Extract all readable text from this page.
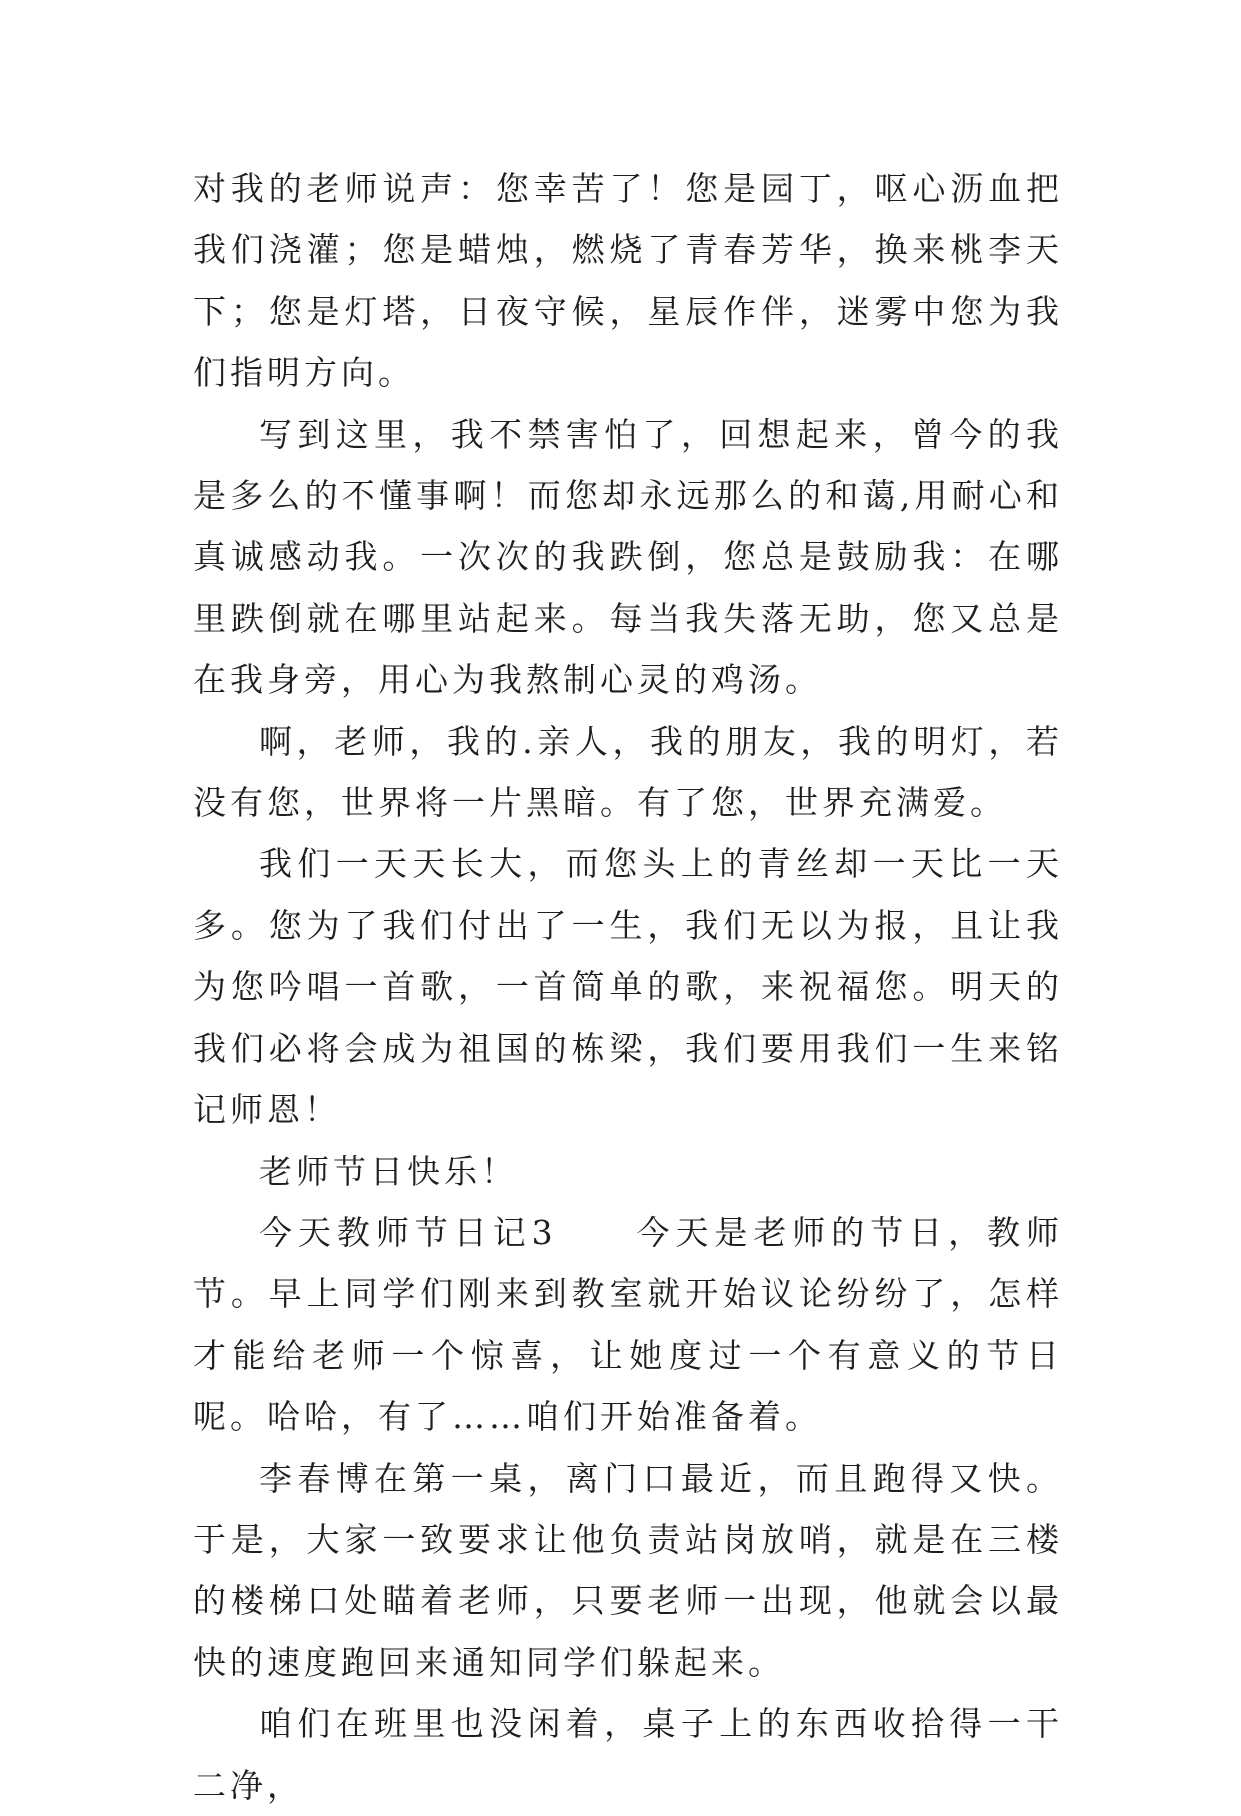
对我的老师说声：您幸苦了！您是园丁，呕心沥血把我们浇灌；您是蜡烛，燃烧了青春芳华，换来桃李天下；您是灯塔，日夜守候，星辰作伴，迷雾中您为我们指明方向。

写到这里，我不禁害怕了，回想起来，曾今的我是多么的不懂事啊！而您却永远那么的和蔼,用耐心和真诚感动我。一次次的我跌倒，您总是鼓励我：在哪里跌倒就在哪里站起来。每当我失落无助，您又总是在我身旁，用心为我熬制心灵的鸡汤。

啊，老师，我的.亲人，我的朋友，我的明灯，若没有您，世界将一片黑暗。有了您，世界充满爱。

我们一天天长大，而您头上的青丝却一天比一天多。您为了我们付出了一生，我们无以为报，且让我为您吟唱一首歌，一首简单的歌，来祝福您。明天的我们必将会成为祖国的栋梁，我们要用我们一生来铭记师恩！

老师节日快乐！

今天教师节日记3　　今天是老师的节日，教师节。早上同学们刚来到教室就开始议论纷纷了，怎样才能给老师一个惊喜，让她度过一个有意义的节日呢。哈哈，有了……咱们开始准备着。

李春博在第一桌，离门口最近，而且跑得又快。于是，大家一致要求让他负责站岗放哨，就是在三楼的楼梯口处瞄着老师，只要老师一出现，他就会以最快的速度跑回来通知同学们躲起来。

咱们在班里也没闲着，桌子上的东西收拾得一干二净，
